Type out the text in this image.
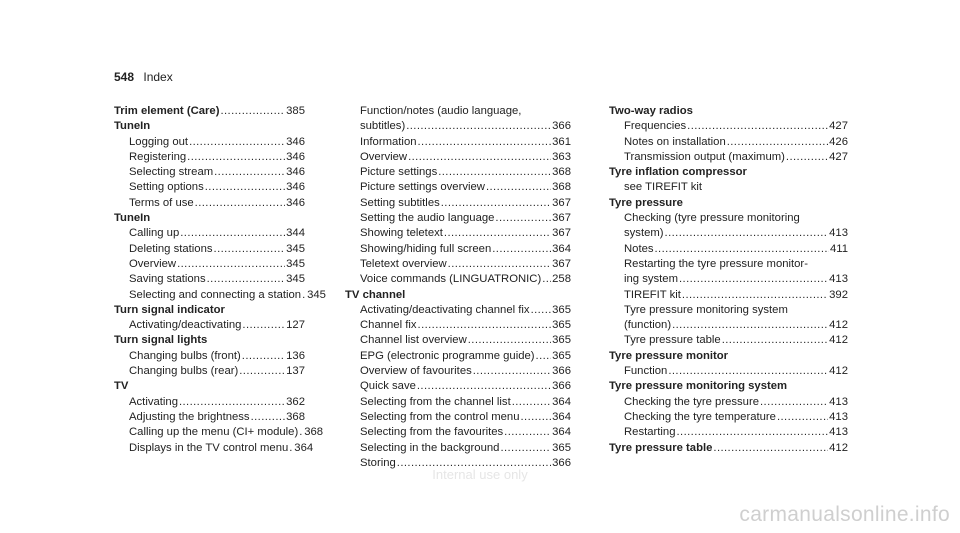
548 Index
Trim element (Care) .....	385
TuneIn
Logging out .....	346
Registering .....	346
Selecting stream .....	346
Setting options .....	346
Terms of use .....	346
TuneIn
Calling up .....	344
Deleting stations .....	345
Overview .....	345
Saving stations .....	345
Selecting and connecting a station ..... 345
Turn signal indicator
Activating/deactivating .....	127
Turn signal lights
Changing bulbs (front) .....	136
Changing bulbs (rear) .....	137
TV
Activating .....	362
Adjusting the brightness .....	368
Calling up the menu (CI+ module) ..... 368
Displays in the TV control menu ..... 364
Function/notes (audio language,
subtitles) .....	366
Information .....	361
Overview .....	363
Picture settings .....	368
Picture settings overview .....	368
Setting subtitles .....	367
Setting the audio language .....	367
Showing teletext .....	367
Showing/hiding full screen .....	364
Teletext overview .....	367
Voice commands (LINGUATRONIC) ..... 258
TV channel
Activating/deactivating channel fix ..... 365
Channel fix .....	365
Channel list overview .....	365
EPG (electronic programme guide) ..... 365
Overview of favourites .....	366
Quick save .....	366
Selecting from the channel list .....	364
Selecting from the control menu .....	364
Selecting from the favourites .....	364
Selecting in the background .....	365
Storing .....	366
Two-way radios
Frequencies .....	427
Notes on installation .....	426
Transmission output (maximum) .....	427
Tyre inflation compressor
see TIREFIT kit
Tyre pressure
Checking (tyre pressure monitoring
system) .....	413
Notes .....	411
Restarting the tyre pressure monitor-
ing system .....	413
TIREFIT kit .....	392
Tyre pressure monitoring system
(function) .....	412
Tyre pressure table .....	412
Tyre pressure monitor
Function .....	412
Tyre pressure monitoring system
Checking the tyre pressure .....	413
Checking the tyre temperature .....	413
Restarting .....	413
Tyre pressure table .....	412
Internal use only
carmanualsonline.info
